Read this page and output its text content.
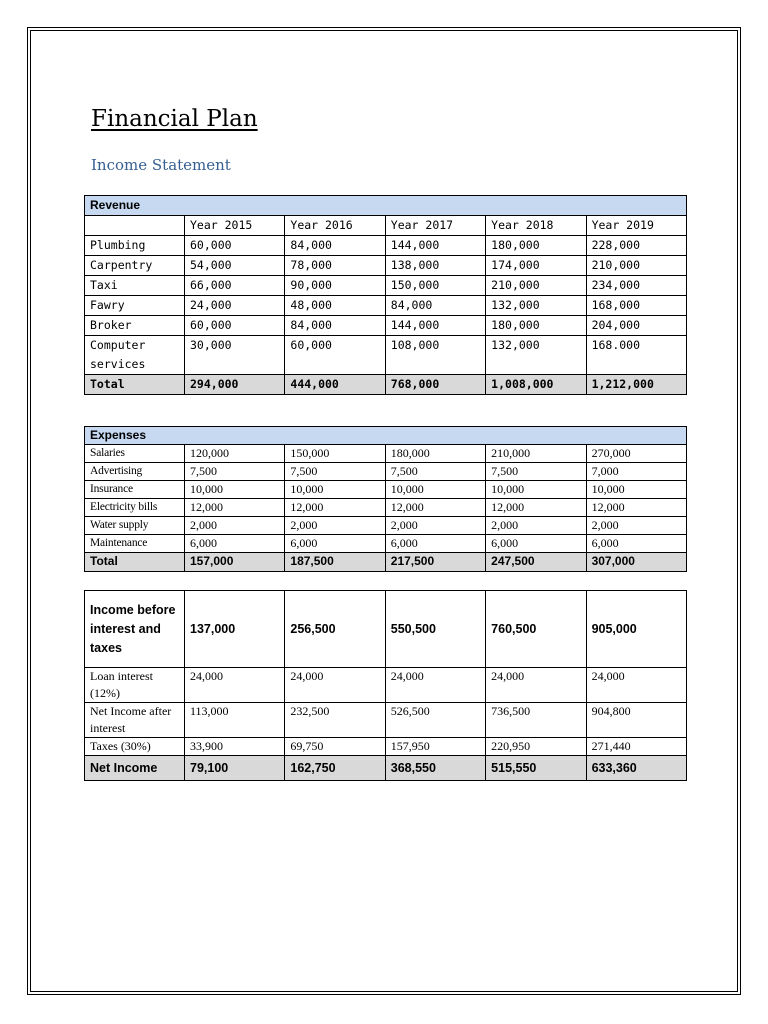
Financial Plan
Income Statement
Revenue					
	Year 2015	Year 2016	Year 2017	Year 2018	Year 2019
Plumbing	60,000	84,000	144,000	180,000	228,000
Carpentry	54,000	78,000	138,000	174,000	210,000
Taxi	66,000	90,000	150,000	210,000	234,000
Fawry	24,000	48,000	84,000	132,000	168,000
Broker	60,000	84,000	144,000	180,000	204,000
Computer services	30,000	60,000	108,000	132,000	168.000
Total	294,000	444,000	768,000	1,008,000	1,212,000
Expenses					
Salaries	120,000	150,000	180,000	210,000	270,000
Advertising	7,500	7,500	7,500	7,500	7,000
Insurance	10,000	10,000	10,000	10,000	10,000
Electricity bills	12,000	12,000	12,000	12,000	12,000
Water supply	2,000	2,000	2,000	2,000	2,000
Maintenance	6,000	6,000	6,000	6,000	6,000
Total	157,000	187,500	217,500	247,500	307,000
Income before interest and taxes	137,000	256,500	550,500	760,500	905,000
Loan interest (12%)	24,000	24,000	24,000	24,000	24,000
Net Income after interest	113,000	232,500	526,500	736,500	904,800
Taxes (30%)	33,900	69,750	157,950	220,950	271,440
Net Income	79,100	162,750	368,550	515,550	633,360
